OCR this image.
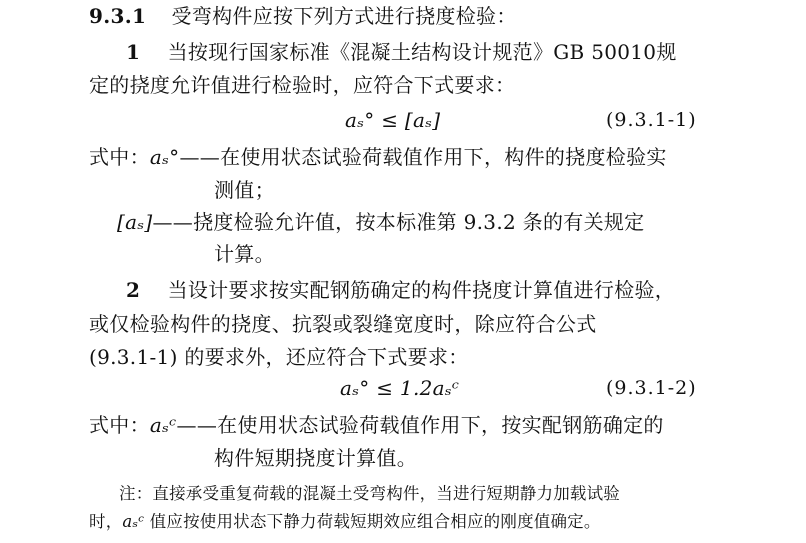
9.3.1 受弯构件应按下列方式进行挠度检验：
1 当按现行国家标准《混凝土结构设计规范》GB 50010规
定的挠度允许值进行检验时，应符合下式要求：
aₛ° ≤ [aₛ]	(9.3.1-1)
式中：aₛ°——在使用状态试验荷载值作用下，构件的挠度检验实
测值；
[aₛ]——挠度检验允许值，按本标准第 9.3.2 条的有关规定
计算。
2 当设计要求按实配钢筋确定的构件挠度计算值进行检验，
或仅检验构件的挠度、抗裂或裂缝宽度时，除应符合公式
(9.3.1-1) 的要求外，还应符合下式要求：
aₛ° ≤ 1.2aₛᶜ	(9.3.1-2)
式中：aₛᶜ——在使用状态试验荷载值作用下，按实配钢筋确定的
构件短期挠度计算值。
注：直接承受重复荷载的混凝土受弯构件，当进行短期静力加载试验
时，aₛᶜ 值应按使用状态下静力荷载短期效应组合相应的刚度值确定。
